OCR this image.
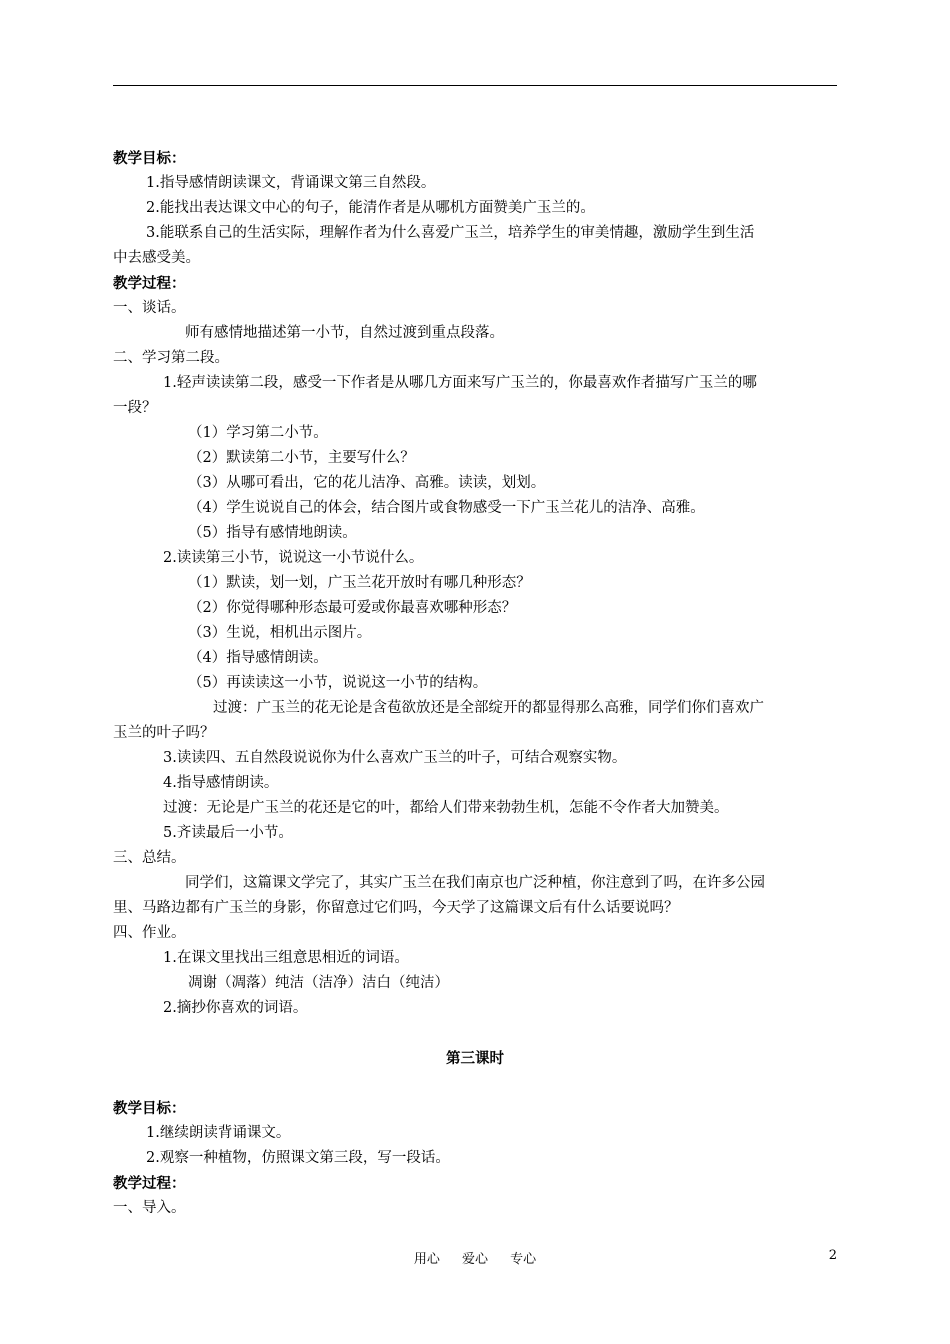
教学目标：
1.指导感情朗读课文，背诵课文第三自然段。
2.能找出表达课文中心的句子，能清作者是从哪机方面赞美广玉兰的。
3.能联系自己的生活实际，理解作者为什么喜爱广玉兰，培养学生的审美情趣，激励学生到生活
中去感受美。
教学过程：
一、谈话。
师有感情地描述第一小节，自然过渡到重点段落。
二、学习第二段。
1.轻声读读第二段，感受一下作者是从哪几方面来写广玉兰的，你最喜欢作者描写广玉兰的哪
一段？
（1）学习第二小节。
（2）默读第二小节，主要写什么？
（3）从哪可看出，它的花儿洁净、高雅。读读，划划。
（4）学生说说自己的体会，结合图片或食物感受一下广玉兰花儿的洁净、高雅。
（5）指导有感情地朗读。
2.读读第三小节，说说这一小节说什么。
（1）默读，划一划，广玉兰花开放时有哪几种形态？
（2）你觉得哪种形态最可爱或你最喜欢哪种形态？
（3）生说，相机出示图片。
（4）指导感情朗读。
（5）再读读这一小节，说说这一小节的结构。
过渡：广玉兰的花无论是含苞欲放还是全部绽开的都显得那么高雅，同学们你们喜欢广
玉兰的叶子吗？
3.读读四、五自然段说说你为什么喜欢广玉兰的叶子，可结合观察实物。
4.指导感情朗读。
过渡：无论是广玉兰的花还是它的叶，都给人们带来勃勃生机，怎能不令作者大加赞美。
5.齐读最后一小节。
三、总结。
同学们，这篇课文学完了，其实广玉兰在我们南京也广泛种植，你注意到了吗，在许多公园
里、马路边都有广玉兰的身影，你留意过它们吗，今天学了这篇课文后有什么话要说吗？
四、作业。
1.在课文里找出三组意思相近的词语。
凋谢（凋落）纯洁（洁净）洁白（纯洁）
2.摘抄你喜欢的词语。
第三课时
教学目标：
1.继续朗读背诵课文。
2.观察一种植物，仿照课文第三段，写一段话。
教学过程：
一、导入。
用心 爱心 专心	2
